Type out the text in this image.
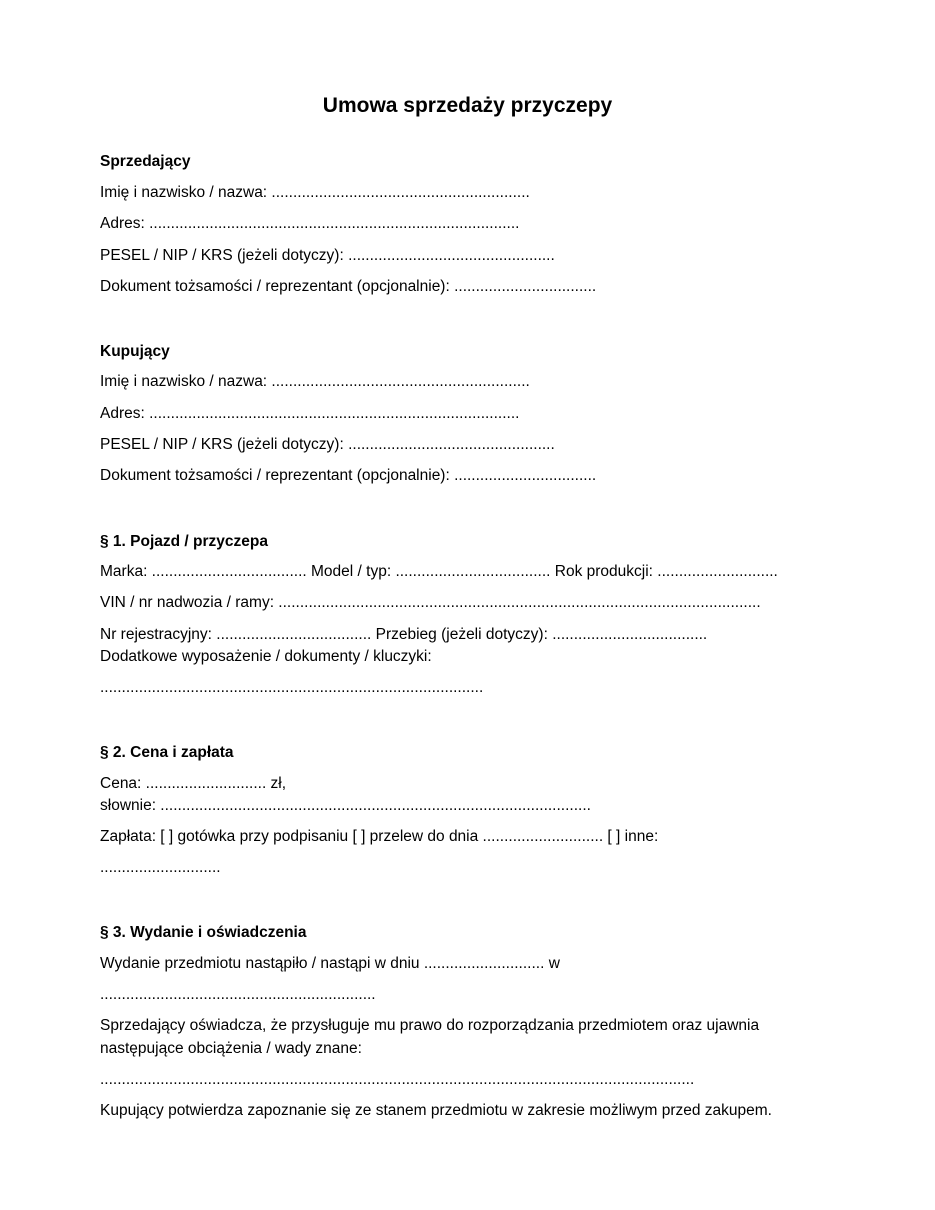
Umowa sprzedaży przyczepy
Sprzedający
Imię i nazwisko / nazwa: ............................................................
Adres: ......................................................................................
PESEL / NIP / KRS (jeżeli dotyczy): ................................................
Dokument tożsamości / reprezentant (opcjonalnie): .................................
Kupujący
Imię i nazwisko / nazwa: ............................................................
Adres: ......................................................................................
PESEL / NIP / KRS (jeżeli dotyczy): ................................................
Dokument tożsamości / reprezentant (opcjonalnie): .................................
§ 1. Pojazd / przyczepa
Marka: .................................... Model / typ: .................................... Rok produkcji: ............................
VIN / nr nadwozia / ramy: ................................................................................................................
Nr rejestracyjny: .................................... Przebieg (jeżeli dotyczy): ....................................
Dodatkowe wyposażenie / dokumenty / kluczyki:
.........................................................................................
§ 2. Cena i zapłata
Cena: ............................ zł,
słownie: ....................................................................................................
Zapłata: [ ] gotówka przy podpisaniu [ ] przelew do dnia ............................ [ ] inne:
............................
§ 3. Wydanie i oświadczenia
Wydanie przedmiotu nastąpiło / nastąpi w dniu ............................ w
................................................................
Sprzedający oświadcza, że przysługuje mu prawo do rozporządzania przedmiotem oraz ujawnia
następujące obciążenia / wady znane:
..........................................................................................................................................
Kupujący potwierdza zapoznanie się ze stanem przedmiotu w zakresie możliwym przed zakupem.
